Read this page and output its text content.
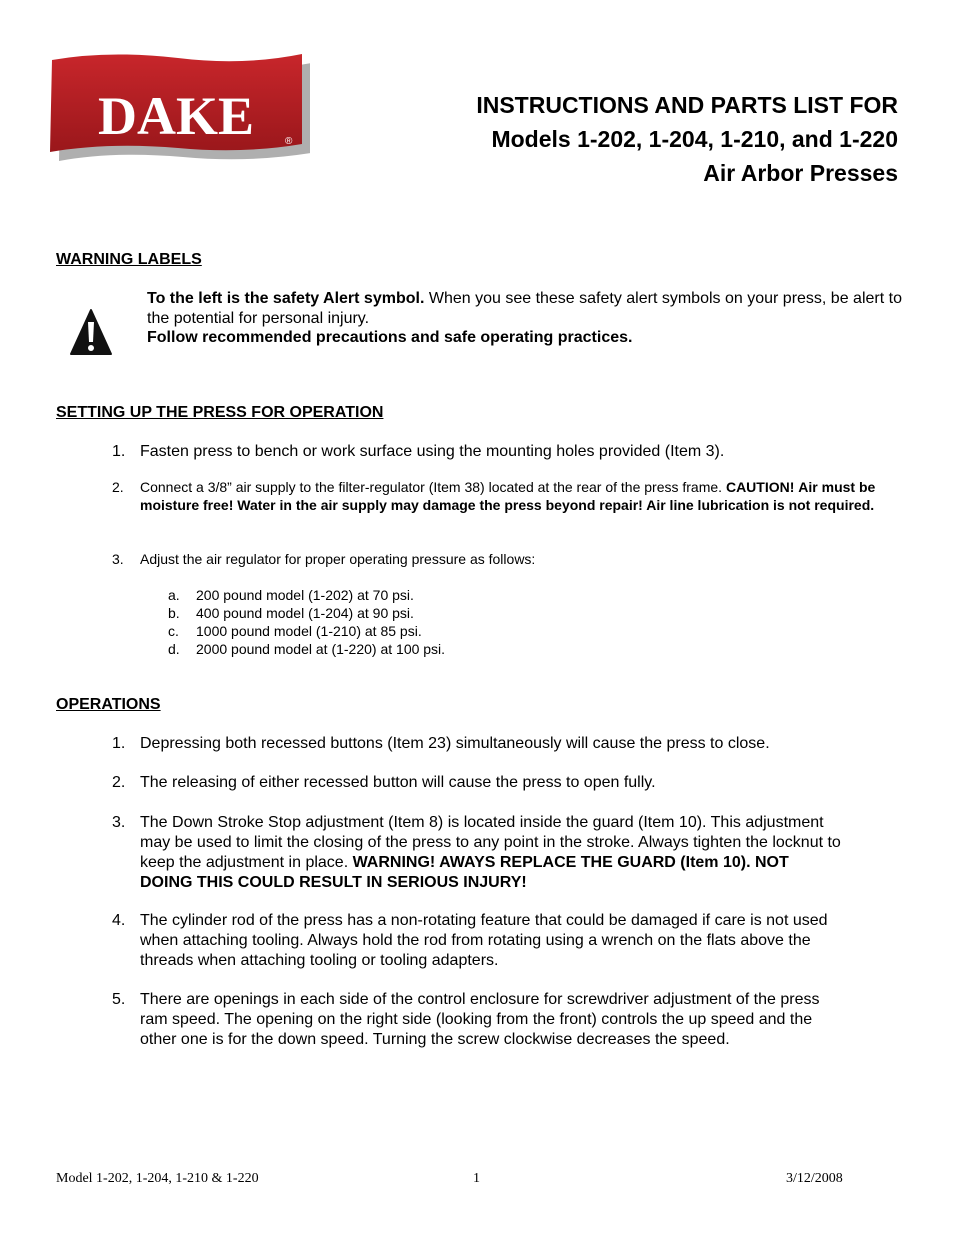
DAKE	®
INSTRUCTIONS AND PARTS LIST FOR
Models 1-202, 1-204, 1-210, and 1-220
Air Arbor Presses
WARNING LABELS
To the left is the safety Alert symbol. When you see these safety alert symbols on your press, be alert to the potential for personal injury.
Follow recommended precautions and safe operating practices.
SETTING UP THE PRESS FOR OPERATION
1. Fasten press to bench or work surface using the mounting holes provided (Item 3).
2. Connect a 3/8” air supply to the filter-regulator (Item 38) located at the rear of the press frame. CAUTION! Air must be moisture free! Water in the air supply may damage the press beyond repair! Air line lubrication is not required.
3. Adjust the air regulator for proper operating pressure as follows:
a. 200 pound model (1-202) at 70 psi.
b. 400 pound model (1-204) at 90 psi.
c. 1000 pound model (1-210) at 85 psi.
d. 2000 pound model at (1-220) at 100 psi.
OPERATIONS
1. Depressing both recessed buttons (Item 23) simultaneously will cause the press to close.
2. The releasing of either recessed button will cause the press to open fully.
3. The Down Stroke Stop adjustment (Item 8) is located inside the guard (Item 10). This adjustment
may be used to limit the closing of the press to any point in the stroke. Always tighten the locknut to
keep the adjustment in place. WARNING! AWAYS REPLACE THE GUARD (Item 10). NOT
DOING THIS COULD RESULT IN SERIOUS INJURY!
4. The cylinder rod of the press has a non-rotating feature that could be damaged if care is not used
when attaching tooling. Always hold the rod from rotating using a wrench on the flats above the
threads when attaching tooling or tooling adapters.
5. There are openings in each side of the control enclosure for screwdriver adjustment of the press
ram speed. The opening on the right side (looking from the front) controls the up speed and the
other one is for the down speed. Turning the screw clockwise decreases the speed.
Model 1-202, 1-204, 1-210 & 1-220	1	3/12/2008
